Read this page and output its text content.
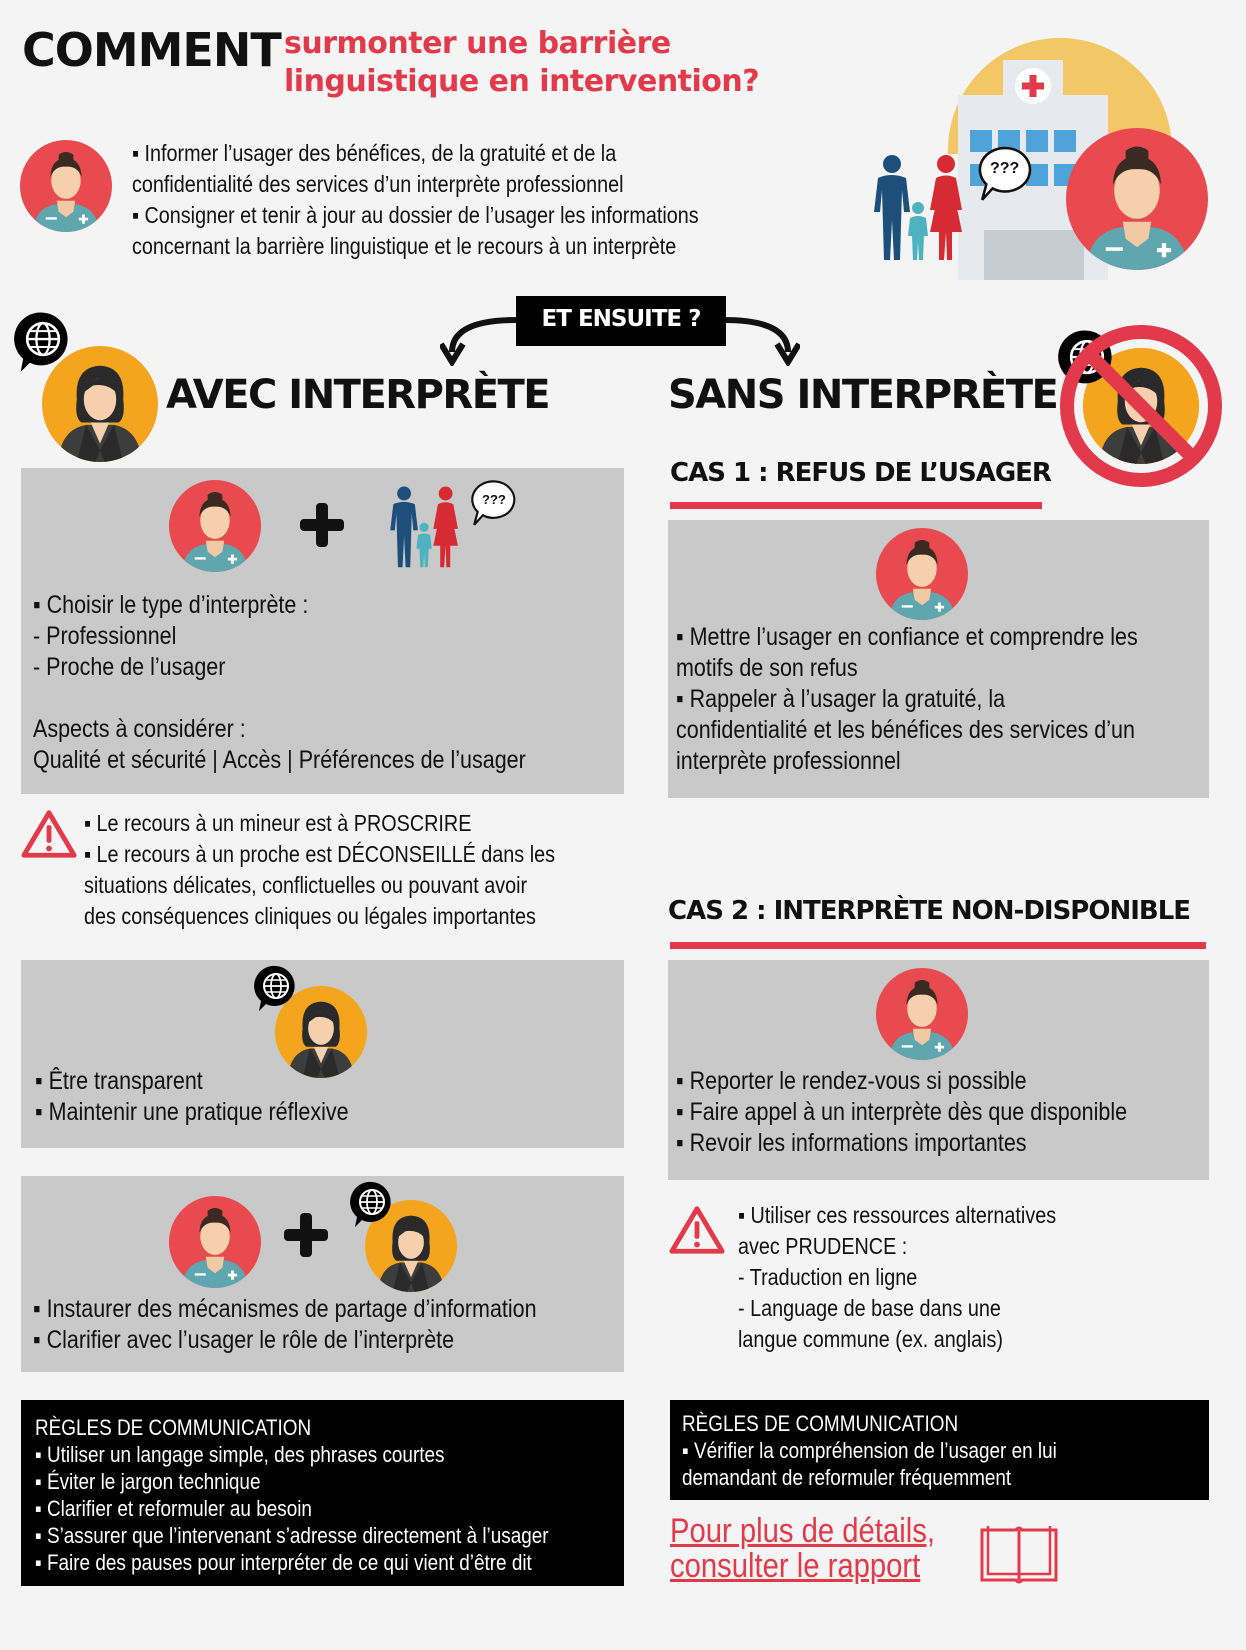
COMMENT surmonter une barrière
linguistique en intervention?
???
▪ Informer l’usager des bénéfices, de la gratuité et de la
confidentialité des services d’un interprète professionnel
▪ Consigner et tenir à jour au dossier de l’usager les informations
concernant la barrière linguistique et le recours à un interprète
ET ENSUITE ?
AVEC INTERPRÈTE	SANS INTERPRÈTE
???
▪ Choisir le type d’interprète :
- Professionnel
- Proche de l’usager

Aspects à considérer :
Qualité et sécurité | Accès | Préférences de l’usager
▪ Le recours à un mineur est à PROSCRIRE
▪ Le recours à un proche est DÉCONSEILLÉ dans les
situations délicates, conflictuelles ou pouvant avoir
des conséquences cliniques ou légales importantes
▪ Être transparent
▪ Maintenir une pratique réflexive
▪ Instaurer des mécanismes de partage d’information
▪ Clarifier avec l’usager le rôle de l’interprète
RÈGLES DE COMMUNICATION
▪ Utiliser un langage simple, des phrases courtes
▪ Éviter le jargon technique
▪ Clarifier et reformuler au besoin
▪ S’assurer que l’intervenant s’adresse directement à l’usager
▪ Faire des pauses pour interpréter de ce qui vient d’être dit
CAS 1 : REFUS DE L’USAGER
▪ Mettre l’usager en confiance et comprendre les
motifs de son refus
▪ Rappeler à l’usager la gratuité, la
confidentialité et les bénéfices des services d’un
interprète professionnel
CAS 2 : INTERPRÈTE NON-DISPONIBLE
▪ Reporter le rendez-vous si possible
▪ Faire appel à un interprète dès que disponible
▪ Revoir les informations importantes
▪ Utiliser ces ressources alternatives
avec PRUDENCE :
- Traduction en ligne
- Language de base dans une
langue commune (ex. anglais)
RÈGLES DE COMMUNICATION
▪ Vérifier la compréhension de l’usager en lui
demandant de reformuler fréquemment
Pour plus de détails,
consulter le rapport
